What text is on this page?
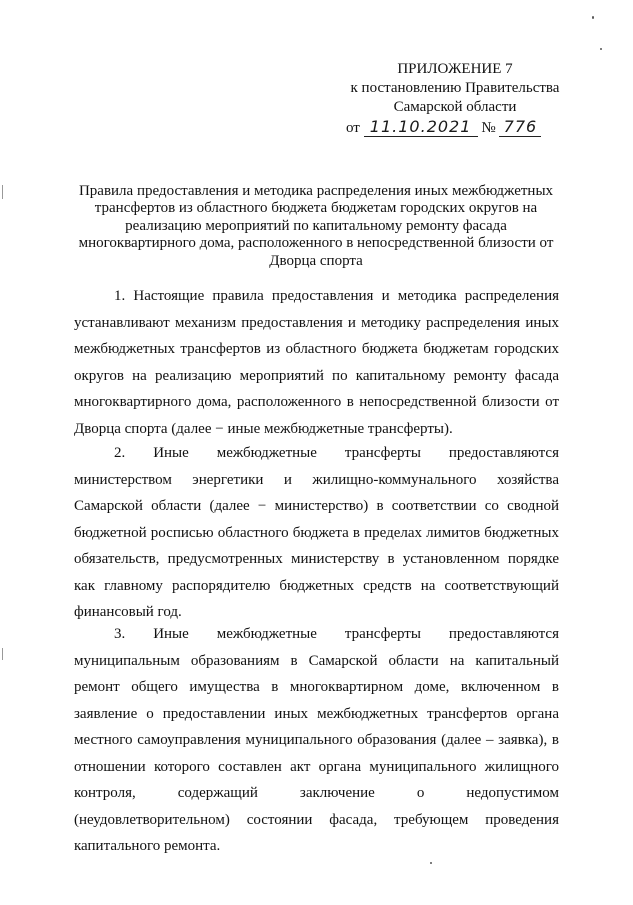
ПРИЛОЖЕНИЕ 7
к постановлению Правительства
Самарской области
от 11.10.2021 № 776
Правила предоставления и методика распределения иных межбюджетных
трансфертов из областного бюджета бюджетам городских округов на
реализацию мероприятий по капитальному ремонту фасада
многоквартирного дома, расположенного в непосредственной близости от
Дворца спорта
1. Настоящие правила предоставления и методика распределения
устанавливают механизм предоставления и методику распределения иных
межбюджетных трансфертов из областного бюджета бюджетам городских
округов на реализацию мероприятий по капитальному ремонту фасада
многоквартирного дома, расположенного в непосредственной близости от
Дворца спорта (далее − иные межбюджетные трансферты).
2. Иные межбюджетные трансферты предоставляются
министерством энергетики и жилищно-коммунального хозяйства
Самарской области (далее − министерство) в соответствии со сводной
бюджетной росписью областного бюджета в пределах лимитов бюджетных
обязательств, предусмотренных министерству в установленном порядке
как главному распорядителю бюджетных средств на соответствующий
финансовый год.
3. Иные межбюджетные трансферты предоставляются
муниципальным образованиям в Самарской области на капитальный
ремонт общего имущества в многоквартирном доме, включенном в
заявление о предоставлении иных межбюджетных трансфертов органа
местного самоуправления муниципального образования (далее – заявка), в
отношении которого составлен акт органа муниципального жилищного
контроля,	содержащий	заключение	о	недопустимом
(неудовлетворительном) состоянии фасада, требующем проведения
капитального ремонта.
